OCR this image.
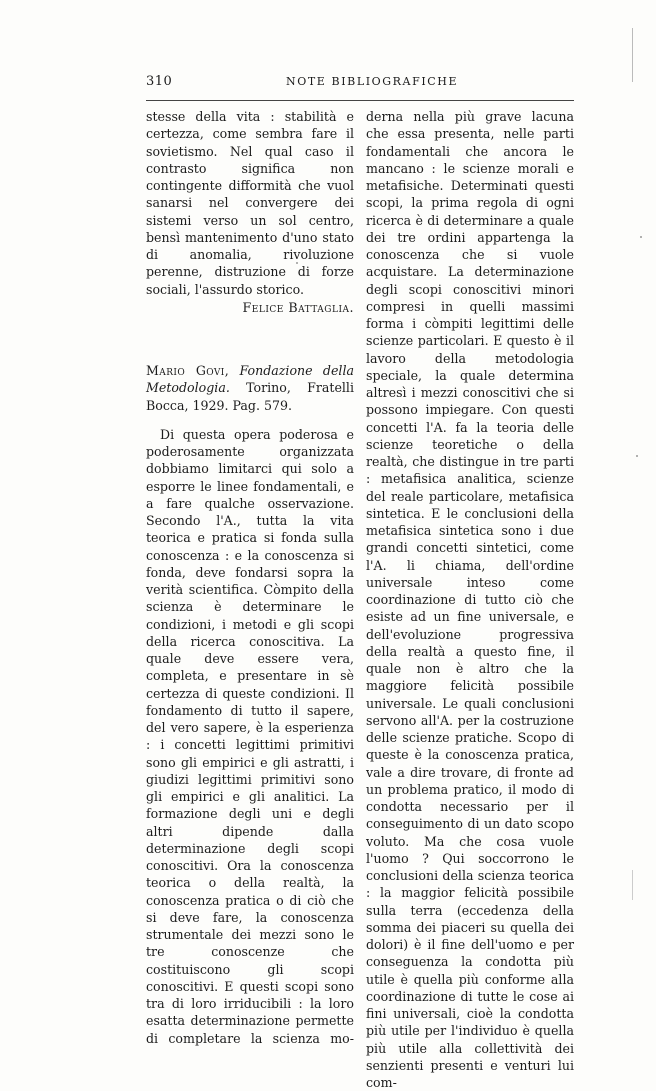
310	NOTE BIBLIOGRAFICHE

stesse della vita : stabilità e certezza, come sembra fare il sovietismo. Nel qual caso il contrasto significa non contingente difformità che vuol sanarsi nel convergere dei sistemi verso un sol centro, bensì mantenimento d'uno stato di anomalia, rivoluzione perenne, distruzione di forze sociali, l'assurdo storico.

Felice Battaglia.

Mario Govi, Fondazione della Metodologia. Torino, Fratelli Bocca, 1929. Pag. 579.

Di questa opera poderosa e poderosamente organizzata dobbiamo limitarci qui solo a esporre le linee fondamentali, e a fare qualche osservazione. Secondo l'A., tutta la vita teorica e pratica si fonda sulla conoscenza : e la conoscenza si fonda, deve fondarsi sopra la verità scientifica. Còmpito della scienza è determinare le condizioni, i metodi e gli scopi della ricerca conoscitiva. La quale deve essere vera, completa, e presentare in sè certezza di queste condizioni. Il fondamento di tutto il sapere, del vero sapere, è la esperienza : i concetti legittimi primitivi sono gli empirici e gli astratti, i giudizi legittimi primitivi sono gli empirici e gli analitici. La formazione degli uni e degli altri dipende dalla determinazione degli scopi conoscitivi. Ora la conoscenza teorica o della realtà, la conoscenza pratica o di ciò che si deve fare, la conoscenza strumentale dei mezzi sono le tre conoscenze che costituiscono gli scopi conoscitivi. E questi scopi sono tra di loro irriducibili : la loro esatta determinazione permette di completare la scienza mo-

derna nella più grave lacuna che essa presenta, nelle parti fondamentali che ancora le mancano : le scienze morali e metafisiche. Determinati questi scopi, la prima regola di ogni ricerca è di determinare a quale dei tre ordini appartenga la conoscenza che si vuole acquistare. La determinazione degli scopi conoscitivi minori compresi in quelli massimi forma i còmpiti legittimi delle scienze particolari. E questo è il lavoro della metodologia speciale, la quale determina altresì i mezzi conoscitivi che si possono impiegare. Con questi concetti l'A. fa la teoria delle scienze teoretiche o della realtà, che distingue in tre parti : metafisica analitica, scienze del reale particolare, metafisica sintetica. E le conclusioni della metafisica sintetica sono i due grandi concetti sintetici, come l'A. li chiama, dell'ordine universale inteso come coordinazione di tutto ciò che esiste ad un fine universale, e dell'evoluzione progressiva della realtà a questo fine, il quale non è altro che la maggiore felicità possibile universale. Le quali conclusioni servono all'A. per la costruzione delle scienze pratiche. Scopo di queste è la conoscenza pratica, vale a dire trovare, di fronte ad un problema pratico, il modo di condotta necessario per il conseguimento di un dato scopo voluto. Ma che cosa vuole l'uomo ? Qui soccorrono le conclusioni della scienza teorica : la maggior felicità possibile sulla terra (eccedenza della somma dei piaceri su quella dei dolori) è il fine dell'uomo e per conseguenza la condotta più utile è quella più conforme alla coordinazione di tutte le cose ai fini universali, cioè la condotta più utile per l'individuo è quella più utile alla collettività dei senzienti presenti e venturi lui com-
